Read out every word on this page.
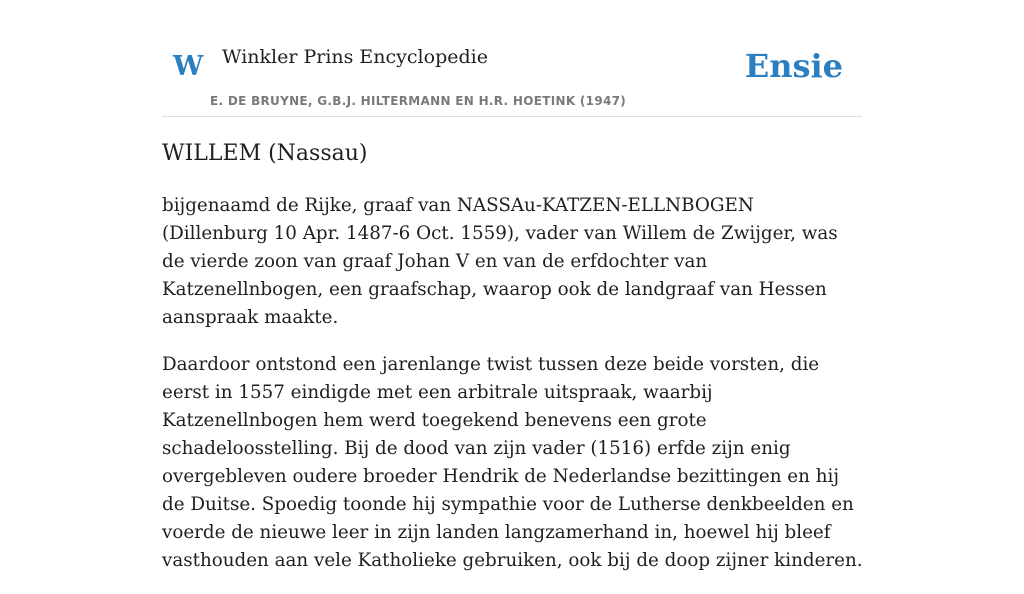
W Winkler Prins Encyclopedie
E. DE BRUYNE, G.B.J. HILTERMANN EN H.R. HOETINK (1947)
Ensie
WILLEM (Nassau)

bijgenaamd de Rijke, graaf van NASSAu-KATZEN-ELLNBOGEN (Dillenburg 10 Apr. 1487-6 Oct. 1559), vader van Willem de Zwijger, was de vierde zoon van graaf Johan V en van de erfdochter van Katzenellnbogen, een graafschap, waarop ook de landgraaf van Hessen aanspraak maakte.

Daardoor ontstond een jarenlange twist tussen deze beide vorsten, die eerst in 1557 eindigde met een arbitrale uitspraak, waarbij Katzenellnbogen hem werd toegekend benevens een grote schadeloosstelling. Bij de dood van zijn vader (1516) erfde zijn enig overgebleven oudere broeder Hendrik de Nederlandse bezittingen en hij de Duitse. Spoedig toonde hij sympathie voor de Lutherse denkbeelden en voerde de nieuwe leer in zijn landen langzamerhand in, hoewel hij bleef vasthouden aan vele Katholieke gebruiken, ook bij de doop zijner kinderen.
